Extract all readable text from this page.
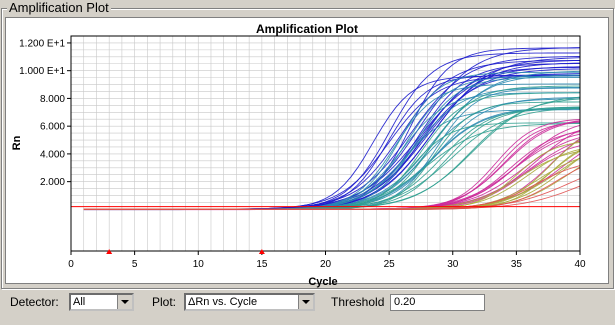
Amplification Plot
Amplification Plot
Rn
Cycle
0	5	10	15	20	25	30	35	40
1.200 E+1
1.000 E+1
8.000
6.000
4.000
2.000
Detector: All	Plot: ΔRn vs. Cycle	Threshold 0.20
